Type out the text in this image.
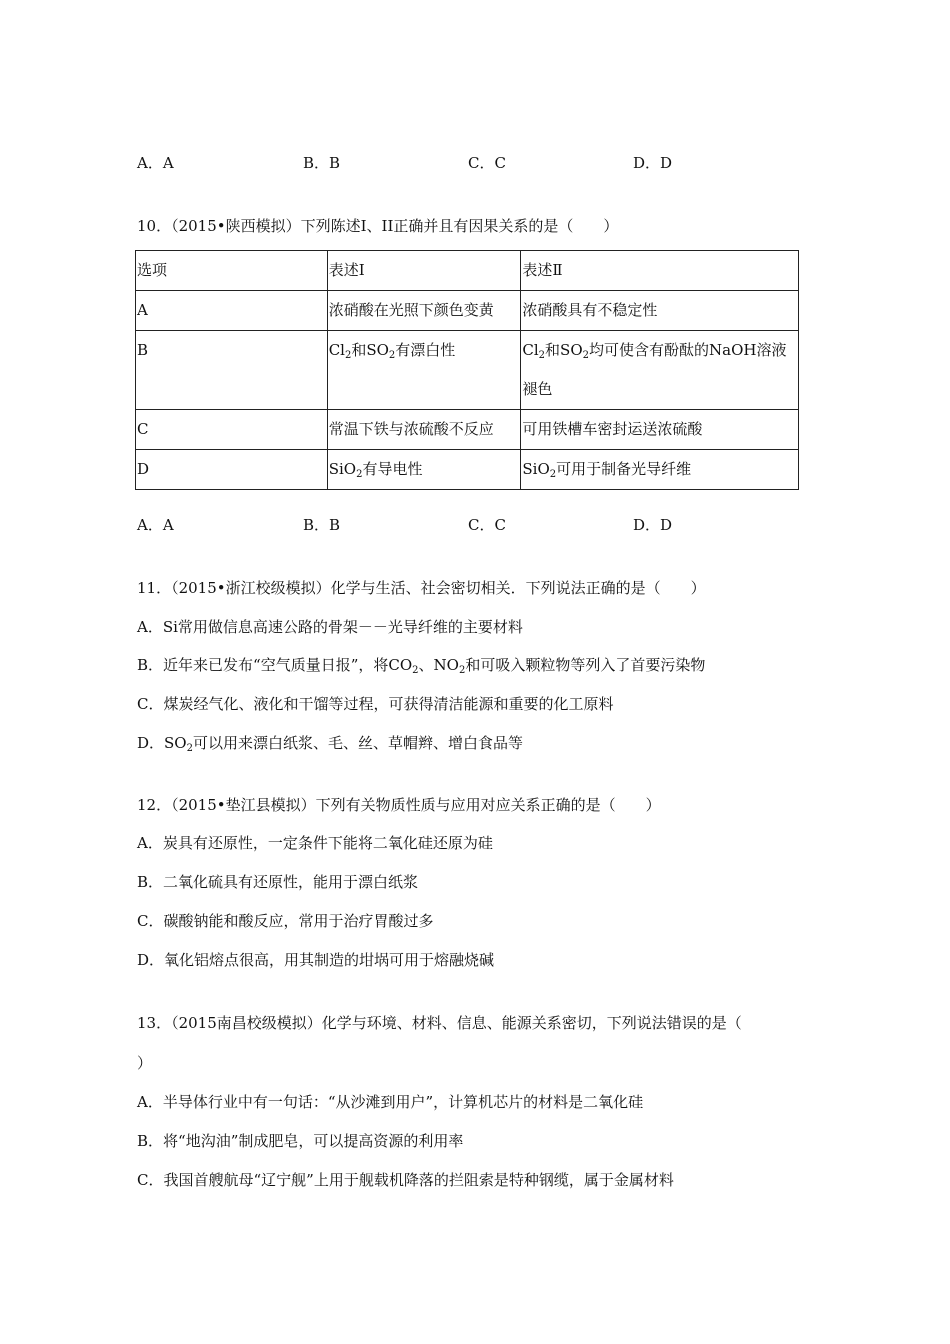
A．A	B．B	C．C	D．D
10．（2015•陕西模拟）下列陈述Ⅰ、II正确并且有因果关系的是（　　）
选项	表述Ⅰ	表述Ⅱ
A	浓硝酸在光照下颜色变黄	浓硝酸具有不稳定性
B	$Cl_2$和$SO_2$有漂白性	$Cl_2$和$SO_2$均可使含有酚酞的NaOH溶液
褪色
C	常温下铁与浓硫酸不反应	可用铁槽车密封运送浓硫酸
D	SiO$_2$有导电性	SiO$_2$可用于制备光导纤维
A．A	B．B	C．C	D．D
11．（2015•浙江校级模拟）化学与生活、社会密切相关．下列说法正确的是（　　）
A．Si常用做信息高速公路的骨架－－光导纤维的主要材料
B．近年来已发布“空气质量日报”，将$CO_2$、$NO_2$和可吸入颗粒物等列入了首要污染物
C．煤炭经气化、液化和干馏等过程，可获得清洁能源和重要的化工原料
D．$SO_2$可以用来漂白纸浆、毛、丝、草帽辫、增白食品等
12．（2015•垫江县模拟）下列有关物质性质与应用对应关系正确的是（　　）
A．炭具有还原性，一定条件下能将二氧化硅还原为硅
B．二氧化硫具有还原性，能用于漂白纸浆
C．碳酸钠能和酸反应，常用于治疗胃酸过多
D．氧化铝熔点很高，用其制造的坩埚可用于熔融烧碱
13．（2015南昌校级模拟）化学与环境、材料、信息、能源关系密切，下列说法错误的是（
）
A．半导体行业中有一句话：“从沙滩到用户”，计算机芯片的材料是二氧化硅
B．将“地沟油”制成肥皂，可以提高资源的利用率
C．我国首艘航母“辽宁舰”上用于舰载机降落的拦阻索是特种钢缆，属于金属材料
